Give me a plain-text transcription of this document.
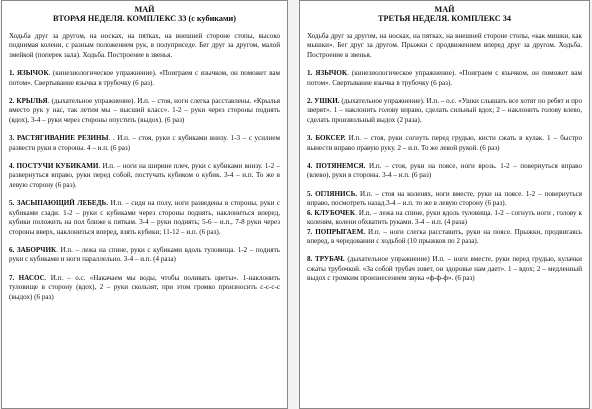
МАЙ
ВТОРАЯ НЕДЕЛЯ. КОМПЛЕКС 33 (с кубиками)

Ходьба друг за другом, на носках, на пятках, на внешней стороне стопы, высоко поднимая колени, с разным положением рук, в полуприседе. Бег друг за другом, малой змейкой (поперек зала). Ходьба. Построение в звенья.

1. ЯЗЫЧОК. (кинезиологическое упражнение). «Поиграем с язычком, он поможет вам потом». Свертывание язычка в трубочку (6 раз).

2. КРЫЛЬЯ. (дыхательное упражнение). И.п. – стоя, ноги слегка расставлены. «Крылья вместо рук у нас, так летим мы – высший класс». 1-2 – руки через стороны поднять (вдох), 3-4 – руки через стороны опустить (выдох). (6 раз)

3. РАСТЯГИВАНИЕ РЕЗИНЫ. . И.п. – стоя, руки с кубиками внизу. 1-3 – с усилием развести руки в стороны. 4 – и.п. (6 раз)

4. ПОСТУЧИ КУБИКАМИ. И.п. – ноги на ширине плеч, руки с кубиками внизу. 1-2 – развернуться вправо, руки перед собой, постучать кубиком о кубик. 3-4 – и.п. То же в левую сторону (6 раз).

5. ЗАСЫПАЮЩИЙ ЛЕБЕДЬ. И.п. – сидя на полу, ноги разведены в стороны, руки с кубиками сзади. 1-2 – руки с кубиками через стороны поднять, наклониться вперед, кубики положить на пол ближе к пяткам. 3-4 – руки поднять; 5-6 – и.п., 7-8 руки через стороны вверх, наклониться вперед, взять кубики; 11-12 – и.п. (6 раз).

6. ЗАБОРЧИК. И.п. – лежа на спине, руки с кубиками вдоль туловища. 1-2 – поднять руки с кубиками и ноги параллельно. 3-4 – и.п. (4 раза)

7. НАСОС. И.п. – о.с. «Накачаем мы воды, чтобы поливать цветы». 1-наклонить туловище в сторону (вдох), 2 – руки скользят, при этом громко произносить с-с-с-с (выдох) (6 раз)

МАЙ
ТРЕТЬЯ НЕДЕЛЯ. КОМПЛЕКС 34

Ходьба друг за другом, на носках, на пятках, на внешней стороне стопы, «как мишки, как мышки». Бег друг за другом. Прыжки с продвижением вперед друг за другом. Ходьба. Построение в звенья.

1. ЯЗЫЧОК. (кинезиологическое упражнение). «Поиграем с язычком, он поможет вам потом». Свертывание язычка в трубочку (6 раз).

2. УШКИ. (дыхательное упражнение). И.п. – о.с. «Ушки слышать все хотят по ребят и про зверят». 1 – наклонить голову вправо, сделать сильный вдох; 2 – наклонить голову влево, сделать произвольный выдох (2 раза).

3. БОКСЕР. И.п. – стоя, руки согнуть перед грудью, кисти сжать в кулак. 1 – быстро вынести вправо правую руку. 2 – и.п. То же левой рукой. (6 раз)

4. ПОТЯНЕМСЯ. И.п. – стоя, руки на поясе, ноги врозь. 1-2 – повернуться вправо (влево), руки в стороны. 3-4 – и.п. (6 раз)

5. ОГЛЯНИСЬ. И.п. – стоя на коленях, ноги вместе, руки на поясе. 1-2 – повернуться вправо, посмотреть назад.3-4 – и.п. то же в левую сторону (6 раз).

6. КЛУБОЧЕК. И.п. – лежа на спине, руки вдоль туловища. 1-2 – согнуть ноги , голову к коленям, колени обхватить руками. 3-4 – и.п. (4 раза)

7. ПОПРЫГАЕМ. И.п. – ноги слегка расставить, руки на поясе. Прыжки, продвигаясь вперед, в чередовании с ходьбой (10 прыжков по 2 раза).

8. ТРУБАЧ. (дыхательное упражнение) И.п. – ноги вместе, руки перед грудью, кулачки сжаты трубочкой. «За собой трубач зовет, он здоровье нам дает». 1 – вдох; 2 – медленный выдох с громким произнесением звука «ф-ф-ф». (6 раз)
